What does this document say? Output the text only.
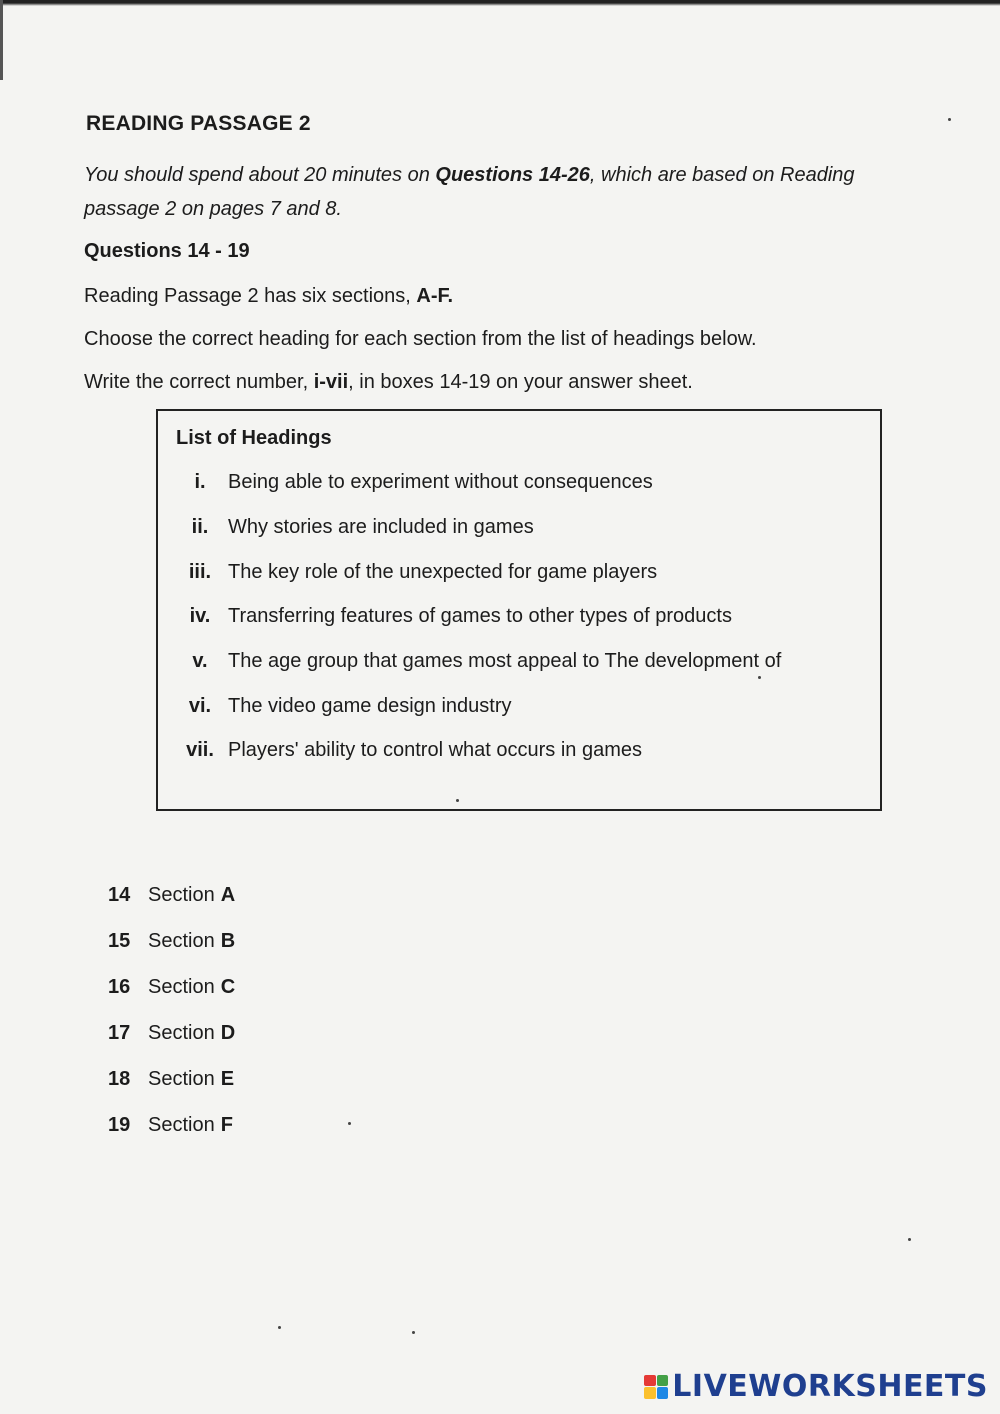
READING PASSAGE 2

You should spend about 20 minutes on Questions 14-26, which are based on Reading passage 2 on pages 7 and 8.

Questions 14 - 19

Reading Passage 2 has six sections, A-F.

Choose the correct heading for each section from the list of headings below.

Write the correct number, i-vii, in boxes 14-19 on your answer sheet.

List of Headings
i.	Being able to experiment without consequences
ii. Why stories are included in games
iii. The key role of the unexpected for game players
iv. Transferring features of games to other types of products
v.	The age group that games most appeal to The development of
vi. The video game design industry
vii. Players' ability to control what occurs in games
14 Section A
15 Section B
16 Section C
17 Section D
18 Section E
19 Section F
LIVEWORKSHEETS
